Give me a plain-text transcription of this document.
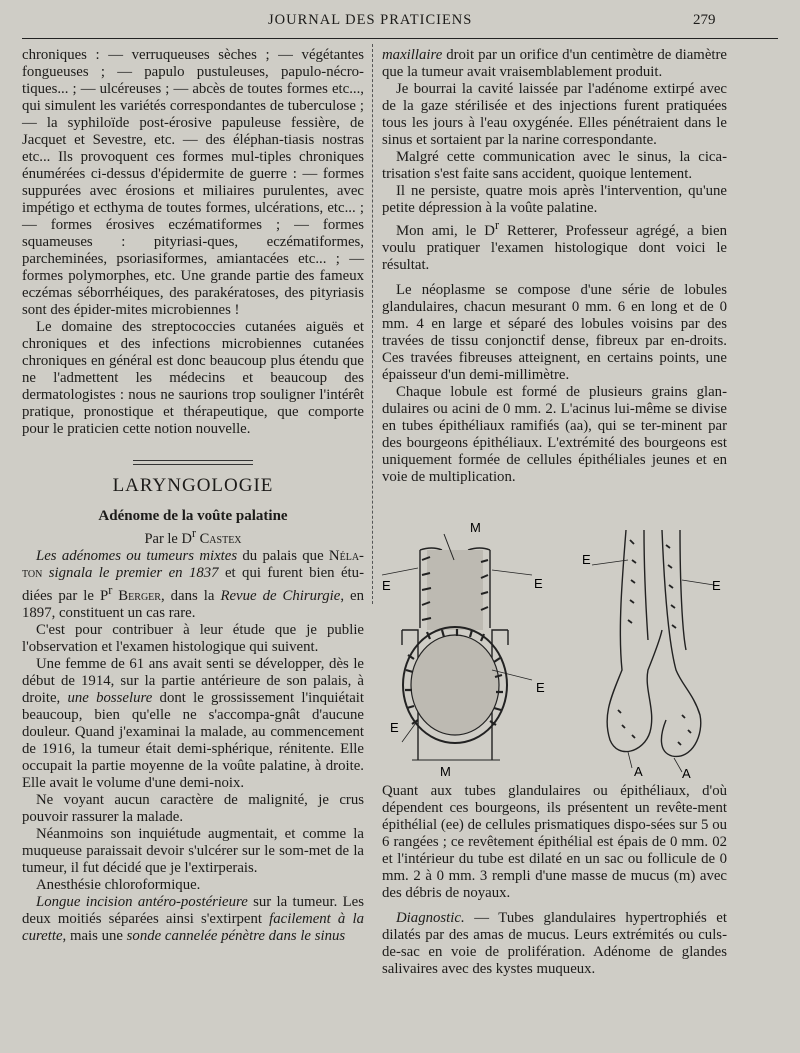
JOURNAL DES PRATICIENS	279

chroniques : — verruqueuses sèches ; — végétantes fongueuses ; — papulo pustuleuses, papulo-nécro-tiques... ; — ulcéreuses ; — abcès de toutes formes etc..., qui simulent les variétés correspondantes de tuberculose ; — la syphiloïde post-érosive papuleuse fessière, de Jacquet et Sevestre, etc. — des éléphan-tiasis nostras etc... Ils provoquent ces formes mul-tiples chroniques énumérées ci-dessus d'épidermite de guerre : — formes suppurées avec érosions et miliaires purulentes, avec impétigo et ecthyma de toutes formes, ulcérations, etc... ; — formes érosives eczématiformes ; — formes squameuses : pityriasi-ques, eczématiformes, parcheminées, psoriasiformes, amiantacées etc... ; — formes polymorphes, etc. Une grande partie des fameux eczémas séborrhéiques, des parakératoses, des pityriasis sont des épider-mites microbiennes !

Le domaine des streptococcies cutanées aiguës et chroniques et des infections microbiennes cutanées chroniques en général est donc beaucoup plus étendu que ne l'admettent les médecins et beaucoup des dermatologistes : nous ne saurions trop souligner l'intérêt pratique, pronostique et thérapeutique, que comporte pour le praticien cette notion nouvelle.

LARYNGOLOGIE

Adénome de la voûte palatine

Par le $D^r$ Castex

Les adénomes ou tumeurs mixtes du palais que Néla-ton signala le premier en 1837 et qui furent bien étu-diées par le $P^r$ Berger, dans la Revue de Chirurgie, en 1897, constituent un cas rare.

C'est pour contribuer à leur étude que je publie l'observation et l'examen histologique qui suivent.

Une femme de 61 ans avait senti se développer, dès le début de 1914, sur la partie antérieure de son palais, à droite, une bosselure dont le grossissement l'inquiétait beaucoup, bien qu'elle ne s'accompa-gnât d'aucune douleur. Quand j'examinai la malade, au commencement de 1916, la tumeur était demi-sphérique, rénitente. Elle occupait la partie moyenne de la voûte palatine, à droite. Elle avait le volume d'une demi-noix.

Ne voyant aucun caractère de malignité, je crus pouvoir rassurer la malade.

Néanmoins son inquiétude augmentait, et comme la muqueuse paraissait devoir s'ulcérer sur le som-met de la tumeur, il fut décidé que je l'extirperais.

Anesthésie chloroformique.

Longue incision antéro-postérieure sur la tumeur. Les deux moitiés séparées ainsi s'extirpent facilement à la curette, mais une sonde cannelée pénètre dans le sinus

maxillaire droit par un orifice d'un centimètre de diamètre que la tumeur avait vraisemblablement produit.

Je bourrai la cavité laissée par l'adénome extirpé avec de la gaze stérilisée et des injections furent pratiquées tous les jours à l'eau oxygénée. Elles pénétraient dans le sinus et sortaient par la narine correspondante.

Malgré cette communication avec le sinus, la cica-trisation s'est faite sans accident, quoique lentement.

Il ne persiste, quatre mois après l'intervention, qu'une petite dépression à la voûte palatine.

Mon ami, le $D^r$ Retterer, Professeur agrégé, a bien voulu pratiquer l'examen histologique dont voici le résultat.

Le néoplasme se compose d'une série de lobules glandulaires, chacun mesurant 0 mm. 6 en long et de 0 mm. 4 en large et séparé des lobules voisins par des travées de tissu conjonctif dense, fibreux par en-droits. Ces travées fibreuses atteignent, en certains points, une épaisseur d'un demi-millimètre.

Chaque lobule est formé de plusieurs grains glan-dulaires ou acini de 0 mm. 2. L'acinus lui-même se divise en tubes épithéliaux ramifiés (aa), qui se ter-minent par des bourgeons épithéliaux. L'extrémité des bourgeons est uniquement formée de cellules épithéliales jeunes et en voie de multiplication.

M
M
E	E
E
E
E
E
A	A

Quant aux tubes glandulaires ou épithéliaux, d'où dépendent ces bourgeons, ils présentent un revête-ment épithélial (ee) de cellules prismatiques dispo-sées sur 5 ou 6 rangées ; ce revêtement épithélial est épais de 0 mm. 02 et l'intérieur du tube est dilaté en un sac ou follicule de 0 mm. 2 à 0 mm. 3 rempli d'une masse de mucus (m) avec des débris de noyaux.

Diagnostic. — Tubes glandulaires hypertrophiés et dilatés par des amas de mucus. Leurs extrémités ou culs-de-sac en voie de prolifération. Adénome de glandes salivaires avec des kystes muqueux.
